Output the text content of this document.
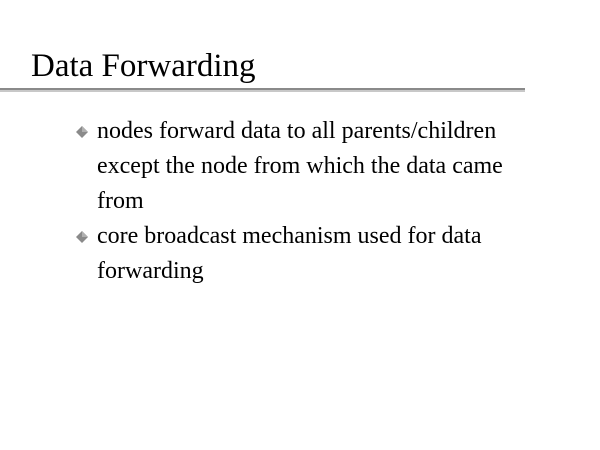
Data Forwarding
nodes forward data to all parents/children
except the node from which the data came
from
core broadcast mechanism used for data
forwarding
